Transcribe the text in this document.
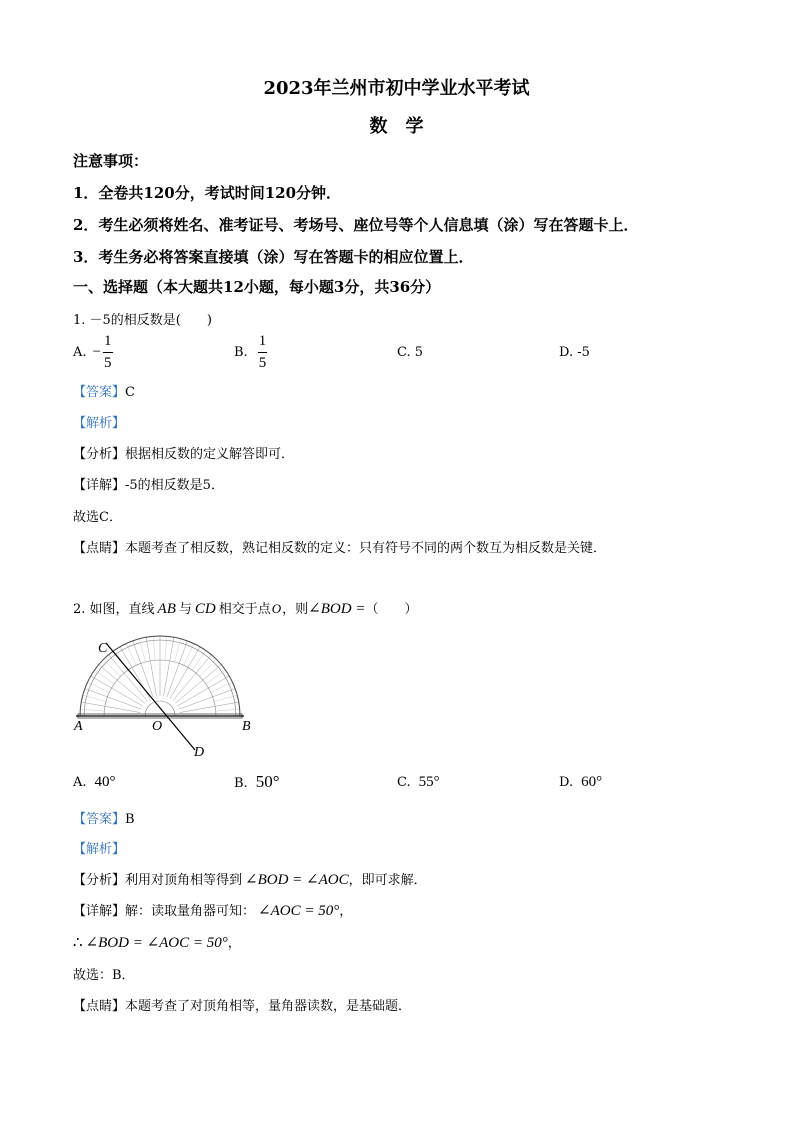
2023年兰州市初中学业水平考试
数　学
注意事项：
1．全卷共120分，考试时间120分钟．
2．考生必须将姓名、准考证号、考场号、座位号等个人信息填（涂）写在答题卡上．
3．考生务必将答案直接填（涂）写在答题卡的相应位置上．
一、选择题（本大题共12小题，每小题3分，共36分）
1. －5的相反数是(　　)
A. − $\frac{1}{5}$	B. $\frac{1}{5}$	C. 5	D. -5
【答案】C
【解析】
【分析】根据相反数的定义解答即可．
【详解】-5的相反数是5．
故选C．
【点睛】本题考查了相反数，熟记相反数的定义：只有符号不同的两个数互为相反数是关键．
2. 如图，直线 AB 与 CD 相交于点O，则∠BOD =（　　）
A	B
C
D
O
A. 40°	B. 50°	C. 55°	D. 60°
【答案】B
【解析】
【分析】利用对顶角相等得到 ∠BOD = ∠AOC，即可求解．
【详解】解：读取量角器可知： ∠AOC = 50°，
∴ ∠BOD = ∠AOC = 50°，
故选：B．
【点睛】本题考查了对顶角相等，量角器读数，是基础题．
